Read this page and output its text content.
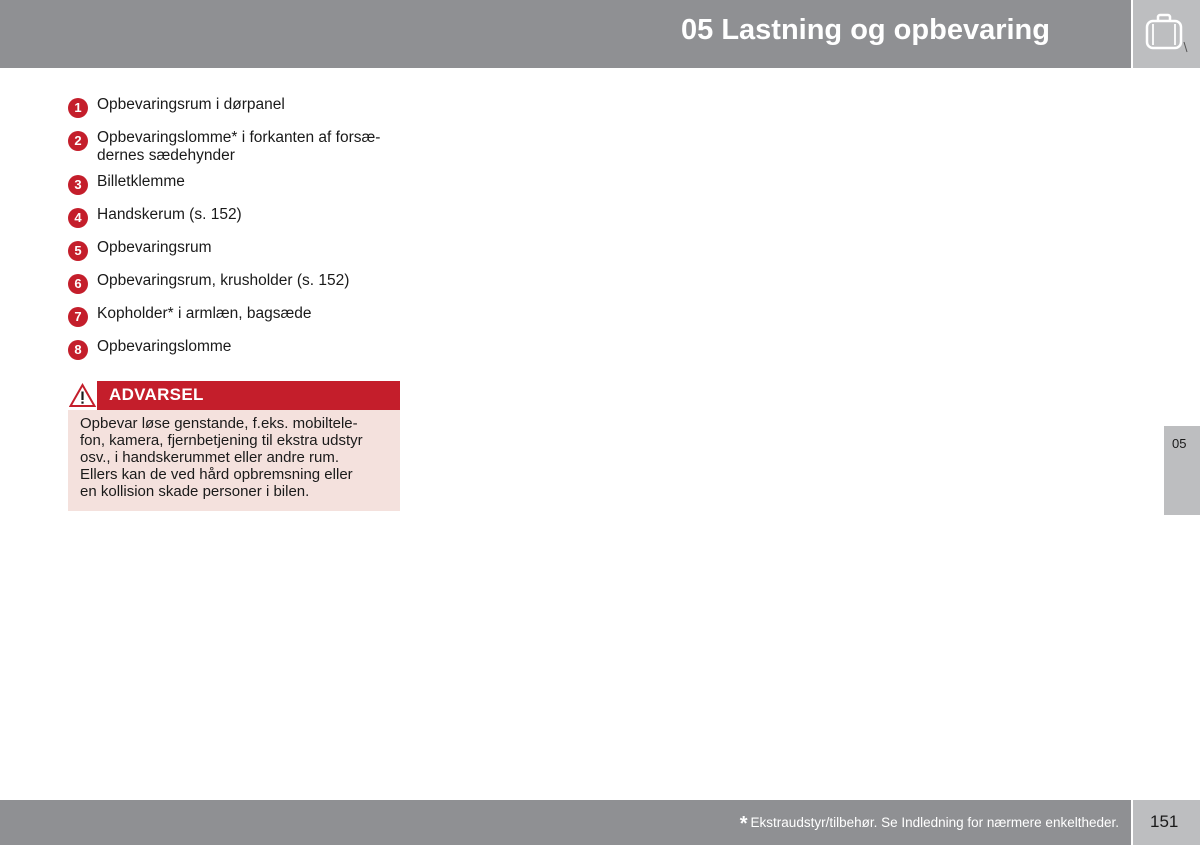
05 Lastning og opbevaring
1 Opbevaringsrum i dørpanel
2 Opbevaringslomme* i forkanten af forsæ-
dernes sædehynder
3 Billetklemme
4 Handskerum (s. 152)
5 Opbevaringsrum
6 Opbevaringsrum, krusholder (s. 152)
7 Kopholder* i armlæn, bagsæde
8 Opbevaringslomme
ADVARSEL
Opbevar løse genstande, f.eks. mobiltele-
fon, kamera, fjernbetjening til ekstra udstyr
osv., i handskerummet eller andre rum.
Ellers kan de ved hård opbremsning eller
en kollision skade personer i bilen.
05
* Ekstraudstyr/tilbehør. Se Indledning for nærmere enkeltheder. 151
